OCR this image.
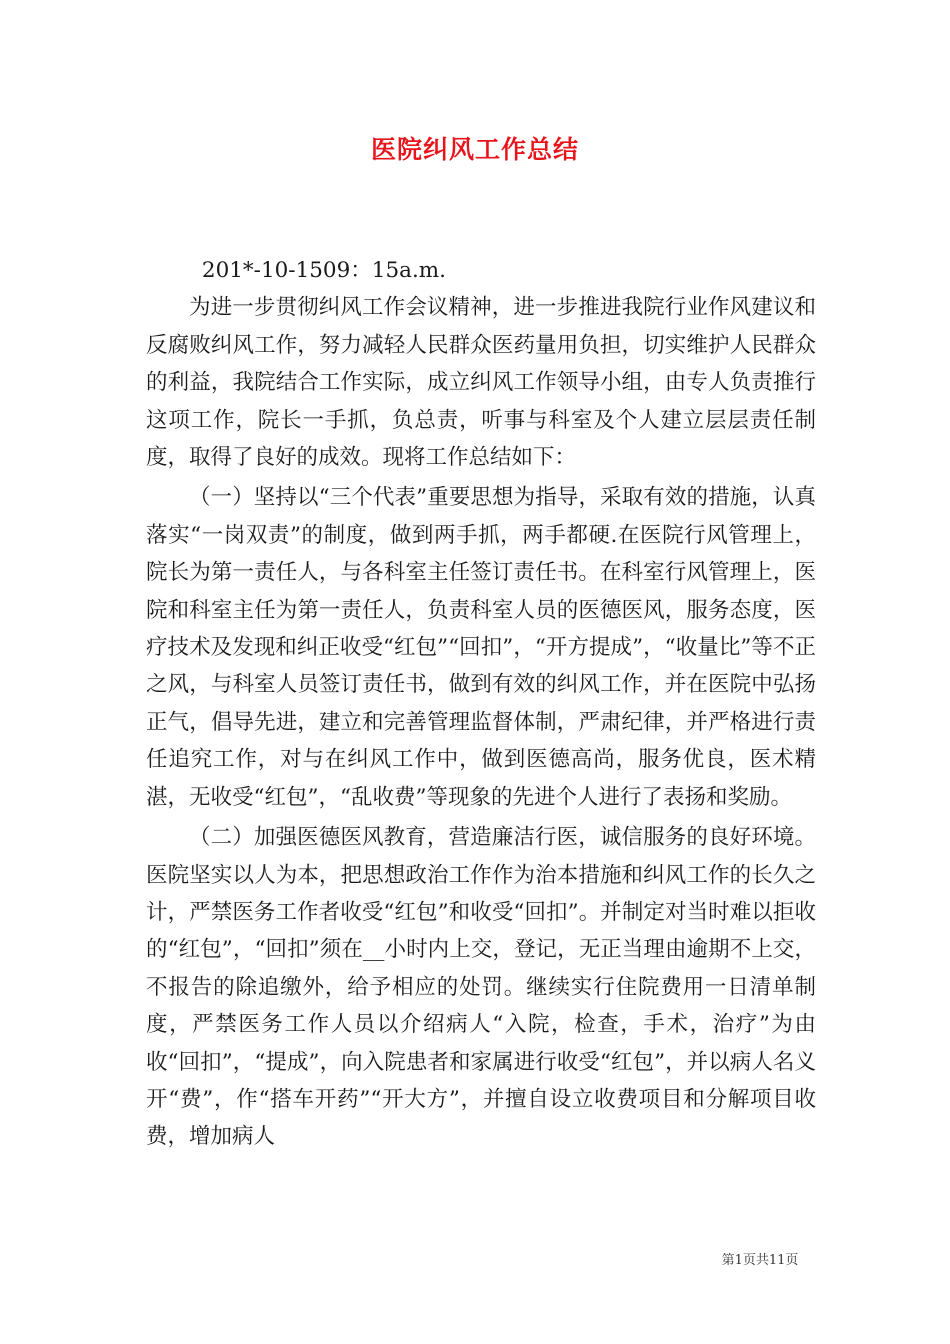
医院纠风工作总结

201*-10-1509：15a.m.

为进一步贯彻纠风工作会议精神，进一步推进我院行业作风建议和反腐败纠风工作，努力减轻人民群众医药量用负担，切实维护人民群众的利益，我院结合工作实际，成立纠风工作领导小组，由专人负责推行这项工作，院长一手抓，负总责，听事与科室及个人建立层层责任制度，取得了良好的成效。现将工作总结如下：

（一）坚持以“三个代表”重要思想为指导，采取有效的措施，认真落实“一岗双责”的制度，做到两手抓，两手都硬.在医院行风管理上，院长为第一责任人，与各科室主任签订责任书。在科室行风管理上，医院和科室主任为第一责任人，负责科室人员的医德医风，服务态度，医疗技术及发现和纠正收受“红包”“回扣”，“开方提成”，“收量比”等不正之风，与科室人员签订责任书，做到有效的纠风工作，并在医院中弘扬正气，倡导先进，建立和完善管理监督体制，严肃纪律，并严格进行责任追究工作，对与在纠风工作中，做到医德高尚，服务优良，医术精湛，无收受“红包”，“乱收费”等现象的先进个人进行了表扬和奖励。

（二）加强医德医风教育，营造廉洁行医，诚信服务的良好环境。医院坚实以人为本，把思想政治工作作为治本措施和纠风工作的长久之计，严禁医务工作者收受“红包”和收受“回扣”。并制定对当时难以拒收的“红包”，“回扣”须在__小时内上交，登记，无正当理由逾期不上交，不报告的除追缴外，给予相应的处罚。继续实行住院费用一日清单制度，严禁医务工作人员以介绍病人“入院，检查，手术，治疗”为由收“回扣”，“提成”，向入院患者和家属进行收受“红包”，并以病人名义开“费”，作“搭车开药”“开大方”，并擅自设立收费项目和分解项目收费，增加病人

第1页共11页
